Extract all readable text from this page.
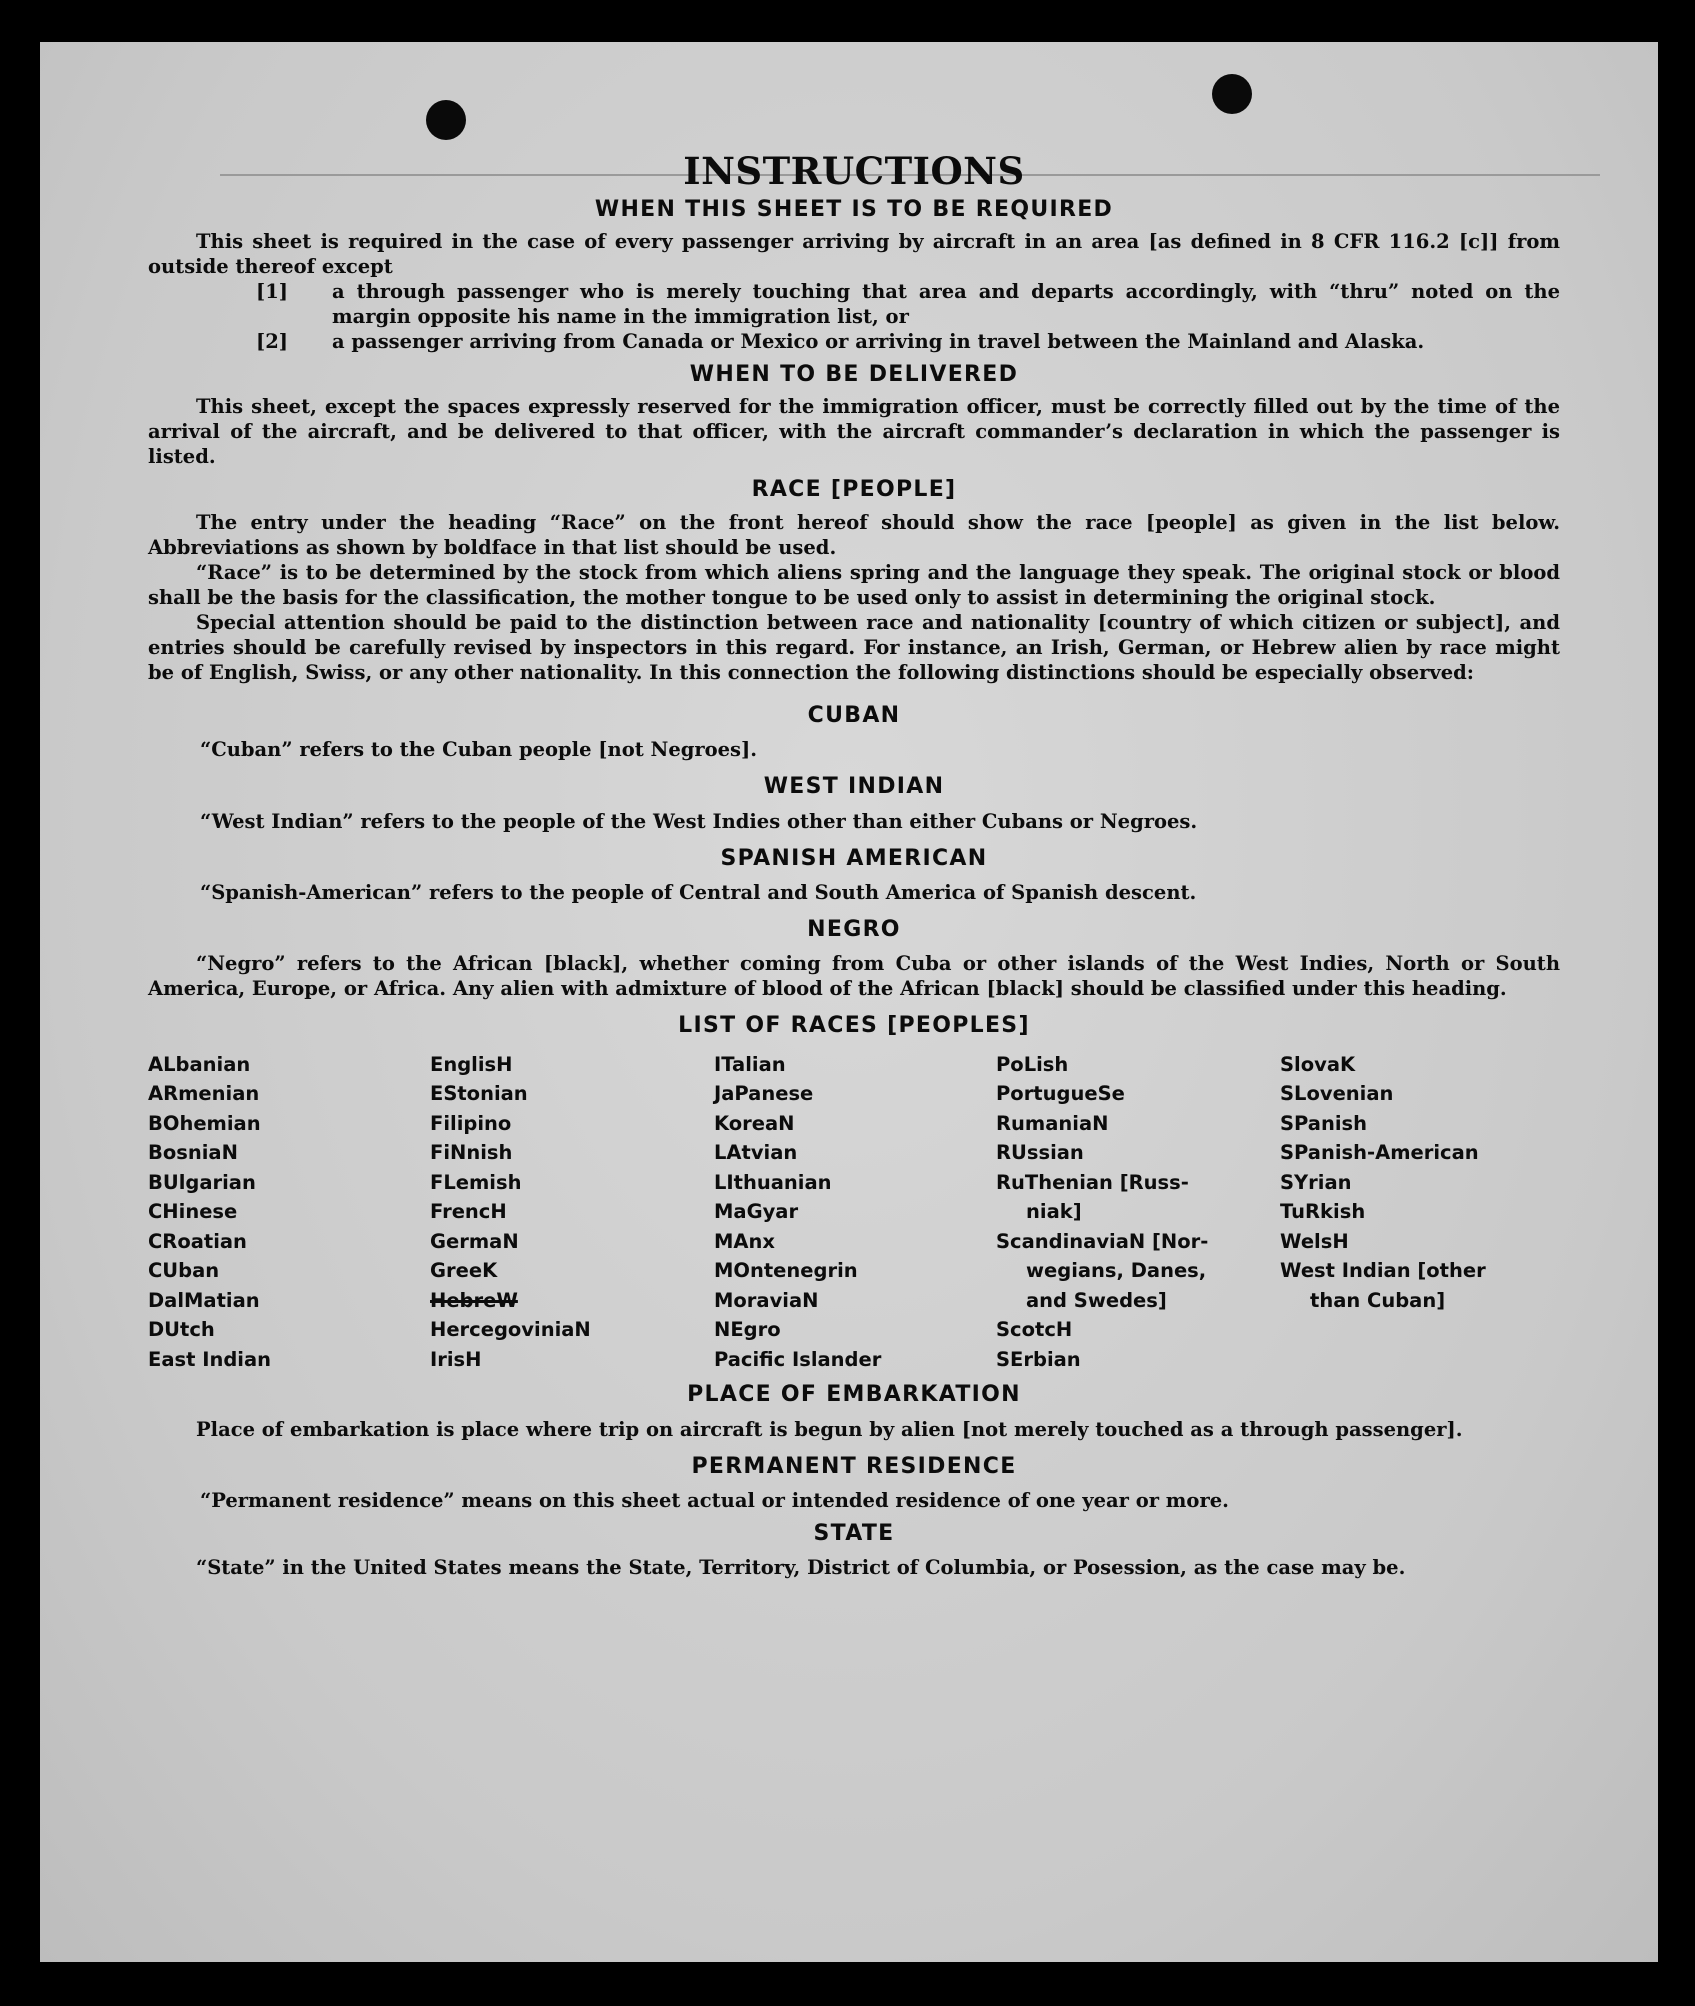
INSTRUCTIONS
WHEN THIS SHEET IS TO BE REQUIRED

This sheet is required in the case of every passenger arriving by aircraft in an area [as defined in 8 CFR 116.2 [c]] from outside thereof except

[1]	a through passenger who is merely touching that area and departs accordingly, with “thru” noted on the margin opposite his name in the immigration list, or
[2]	a passenger arriving from Canada or Mexico or arriving in travel between the Mainland and Alaska.
WHEN TO BE DELIVERED

This sheet, except the spaces expressly reserved for the immigration officer, must be correctly filled out by the time of the arrival of the aircraft, and be delivered to that officer, with the aircraft commander’s declaration in which the passenger is listed.

RACE [PEOPLE]

The entry under the heading “Race” on the front hereof should show the race [people] as given in the list below. Abbreviations as shown by boldface in that list should be used.

“Race” is to be determined by the stock from which aliens spring and the language they speak. The original stock or blood shall be the basis for the classification, the mother tongue to be used only to assist in determining the original stock.

Special attention should be paid to the distinction between race and nationality [country of which citizen or subject], and entries should be carefully revised by inspectors in this regard. For instance, an Irish, German, or Hebrew alien by race might be of English, Swiss, or any other nationality. In this connection the following distinctions should be especially observed:

CUBAN

“Cuban” refers to the Cuban people [not Negroes].

WEST INDIAN

“West Indian” refers to the people of the West Indies other than either Cubans or Negroes.

SPANISH AMERICAN

“Spanish-American” refers to the people of Central and South America of Spanish descent.

NEGRO

“Negro” refers to the African [black], whether coming from Cuba or other islands of the West Indies, North or South America, Europe, or Africa. Any alien with admixture of blood of the African [black] should be classified under this heading.

LIST OF RACES [PEOPLES]
ALbanian
ARmenian
BOhemian
BosniaN
BUlgarian
CHinese
CRoatian
CUban
DalMatian
DUtch
East Indian
EnglisH
EStonian
Filipino
FiNnish
FLemish
FrencH
GermaN
GreeK
HebreW
HercegoviniaN
IrisH
ITalian
JaPanese
KoreaN
LAtvian
LIthuanian
MaGyar
MAnx
MOntenegrin
MoraviaN
NEgro
Pacific Islander
PoLish
PortugueSe
RumaniaN
RUssian
RuThenian [Russ-
niak]
ScandinaviaN [Nor-
wegians, Danes,
and Swedes]
ScotcH
SErbian
SlovaK
SLovenian
SPanish
SPanish-American
SYrian
TuRkish
WelsH
West Indian [other
than Cuban]
PLACE OF EMBARKATION

Place of embarkation is place where trip on aircraft is begun by alien [not merely touched as a through passenger].

PERMANENT RESIDENCE

“Permanent residence” means on this sheet actual or intended residence of one year or more.

STATE

“State” in the United States means the State, Territory, District of Columbia, or Posession, as the case may be.
